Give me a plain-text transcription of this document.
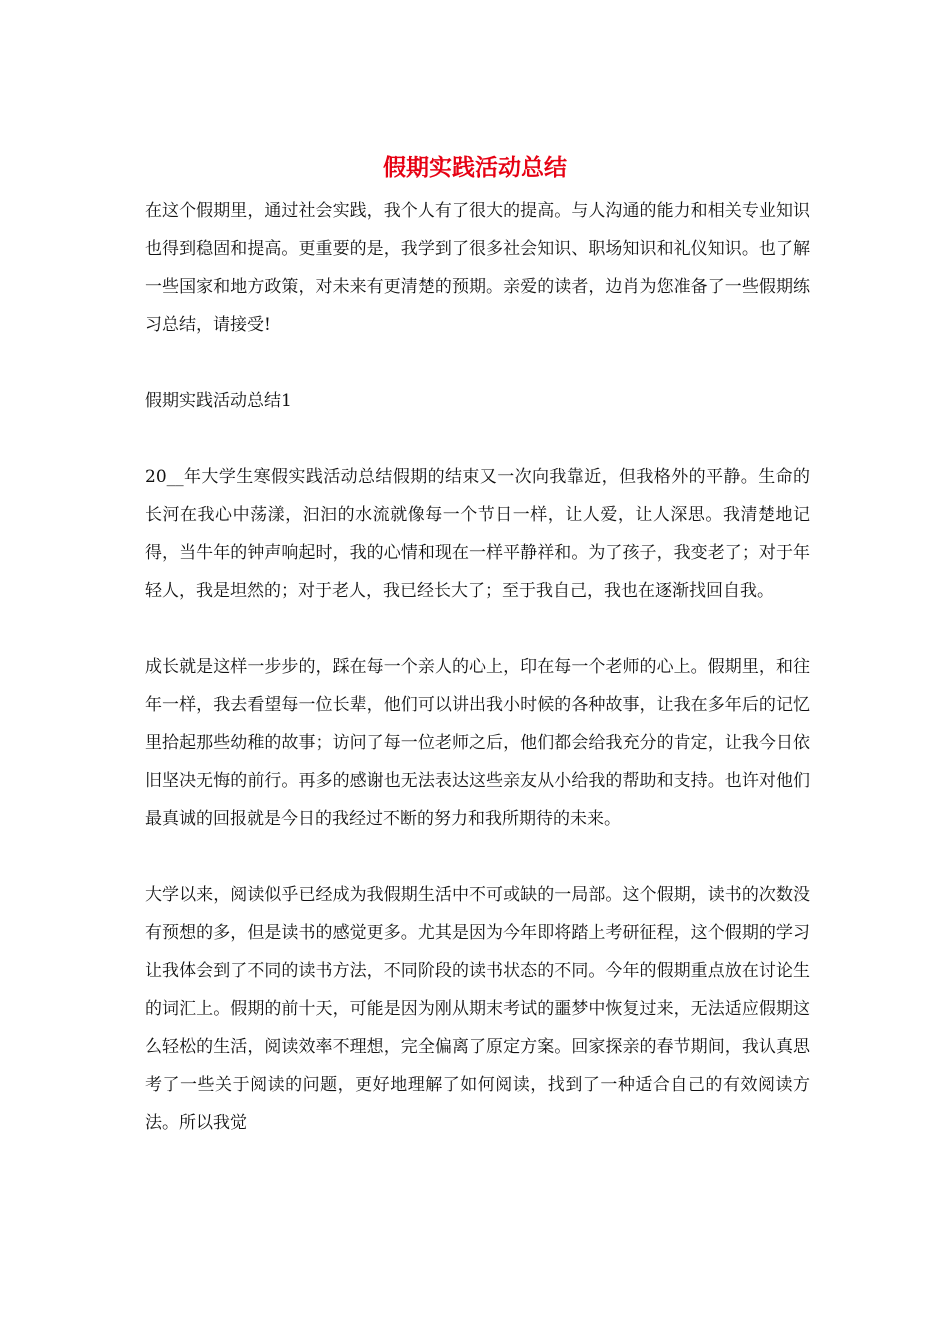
假期实践活动总结

在这个假期里，通过社会实践，我个人有了很大的提高。与人沟通的能力和相关专业知识也得到稳固和提高。更重要的是，我学到了很多社会知识、职场知识和礼仪知识。也了解一些国家和地方政策，对未来有更清楚的预期。亲爱的读者，边肖为您准备了一些假期练习总结，请接受!

假期实践活动总结1

20__年大学生寒假实践活动总结假期的结束又一次向我靠近，但我格外的平静。生命的长河在我心中荡漾，汩汩的水流就像每一个节日一样，让人爱，让人深思。我清楚地记得，当牛年的钟声响起时，我的心情和现在一样平静祥和。为了孩子，我变老了；对于年轻人，我是坦然的；对于老人，我已经长大了；至于我自己，我也在逐渐找回自我。

成长就是这样一步步的，踩在每一个亲人的心上，印在每一个老师的心上。假期里，和往年一样，我去看望每一位长辈，他们可以讲出我小时候的各种故事，让我在多年后的记忆里拾起那些幼稚的故事；访问了每一位老师之后，他们都会给我充分的肯定，让我今日依旧坚决无悔的前行。再多的感谢也无法表达这些亲友从小给我的帮助和支持。也许对他们最真诚的回报就是今日的我经过不断的努力和我所期待的未来。

大学以来，阅读似乎已经成为我假期生活中不可或缺的一局部。这个假期，读书的次数没有预想的多，但是读书的感觉更多。尤其是因为今年即将踏上考研征程，这个假期的学习让我体会到了不同的读书方法，不同阶段的读书状态的不同。今年的假期重点放在讨论生的词汇上。假期的前十天，可能是因为刚从期末考试的噩梦中恢复过来，无法适应假期这么轻松的生活，阅读效率不理想，完全偏离了原定方案。回家探亲的春节期间，我认真思考了一些关于阅读的问题，更好地理解了如何阅读，找到了一种适合自己的有效阅读方法。所以我觉
